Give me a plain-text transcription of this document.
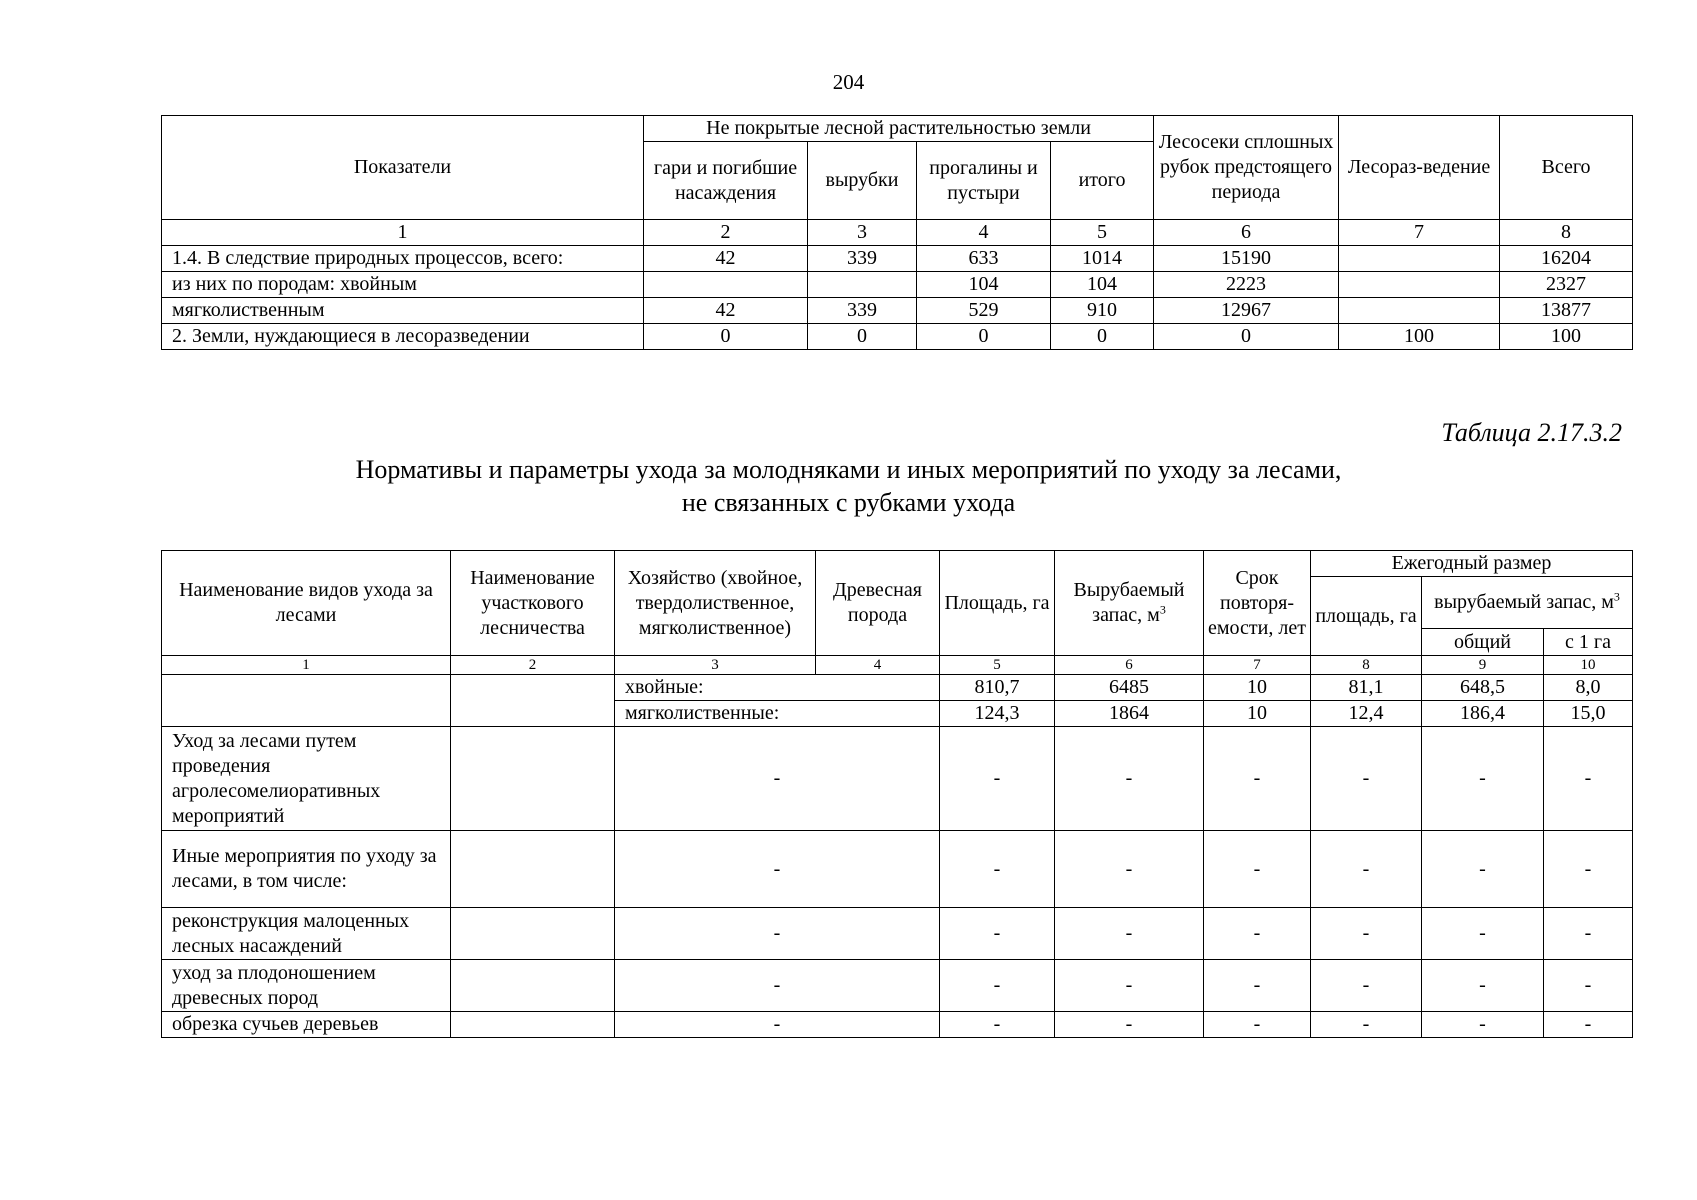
204
Показатели	Не покрытые лесной растительностью земли				Лесосеки сплошных рубок предстоящего периода	Лесораз-ведение	Всего
	гари и погибшие насаждения	вырубки	прогалины и пустыри	итого			
1	2	3	4	5	6	7	8
1.4. В следствие природных процессов, всего:	42	339	633	1014	15190		16204
из них по породам: хвойным			104	104	2223		2327
мягколиственным	42	339	529	910	12967		13877
2. Земли, нуждающиеся в лесоразведении	0	0	0	0	0	100	100
Таблица 2.17.3.2
Нормативы и параметры ухода за молодняками и иных мероприятий по уходу за лесами,
не связанных с рубками ухода
Наименование видов ухода за лесами	Наименование участкового лесничества	Хозяйство (хвойное, твердолиственное, мягколиственное)	Древесная порода	Площадь, га	Вырубаемый запас, $м^3$	Срок повторя-емости, лет	Ежегодный размер		
							площадь, га	вырубаемый запас, $м^3$
								общий	с 1 га
1	2	3	4	5	6	7	8	9	10
		хвойные:		810,7	6485	10	81,1	648,5	8,0
		мягколиственные:		124,3	1864	10	12,4	186,4	15,0
Уход за лесами путем проведения агролесомелиоративных мероприятий		-		-	-	-	-	-	-
Иные мероприятия по уходу за лесами, в том числе:		-		-	-	-	-	-	-
реконструкция малоценных лесных насаждений		-		-	-	-	-	-	-
уход за плодоношением древесных пород		-		-	-	-	-	-	-
обрезка сучьев деревьев		-		-	-	-	-	-	-
